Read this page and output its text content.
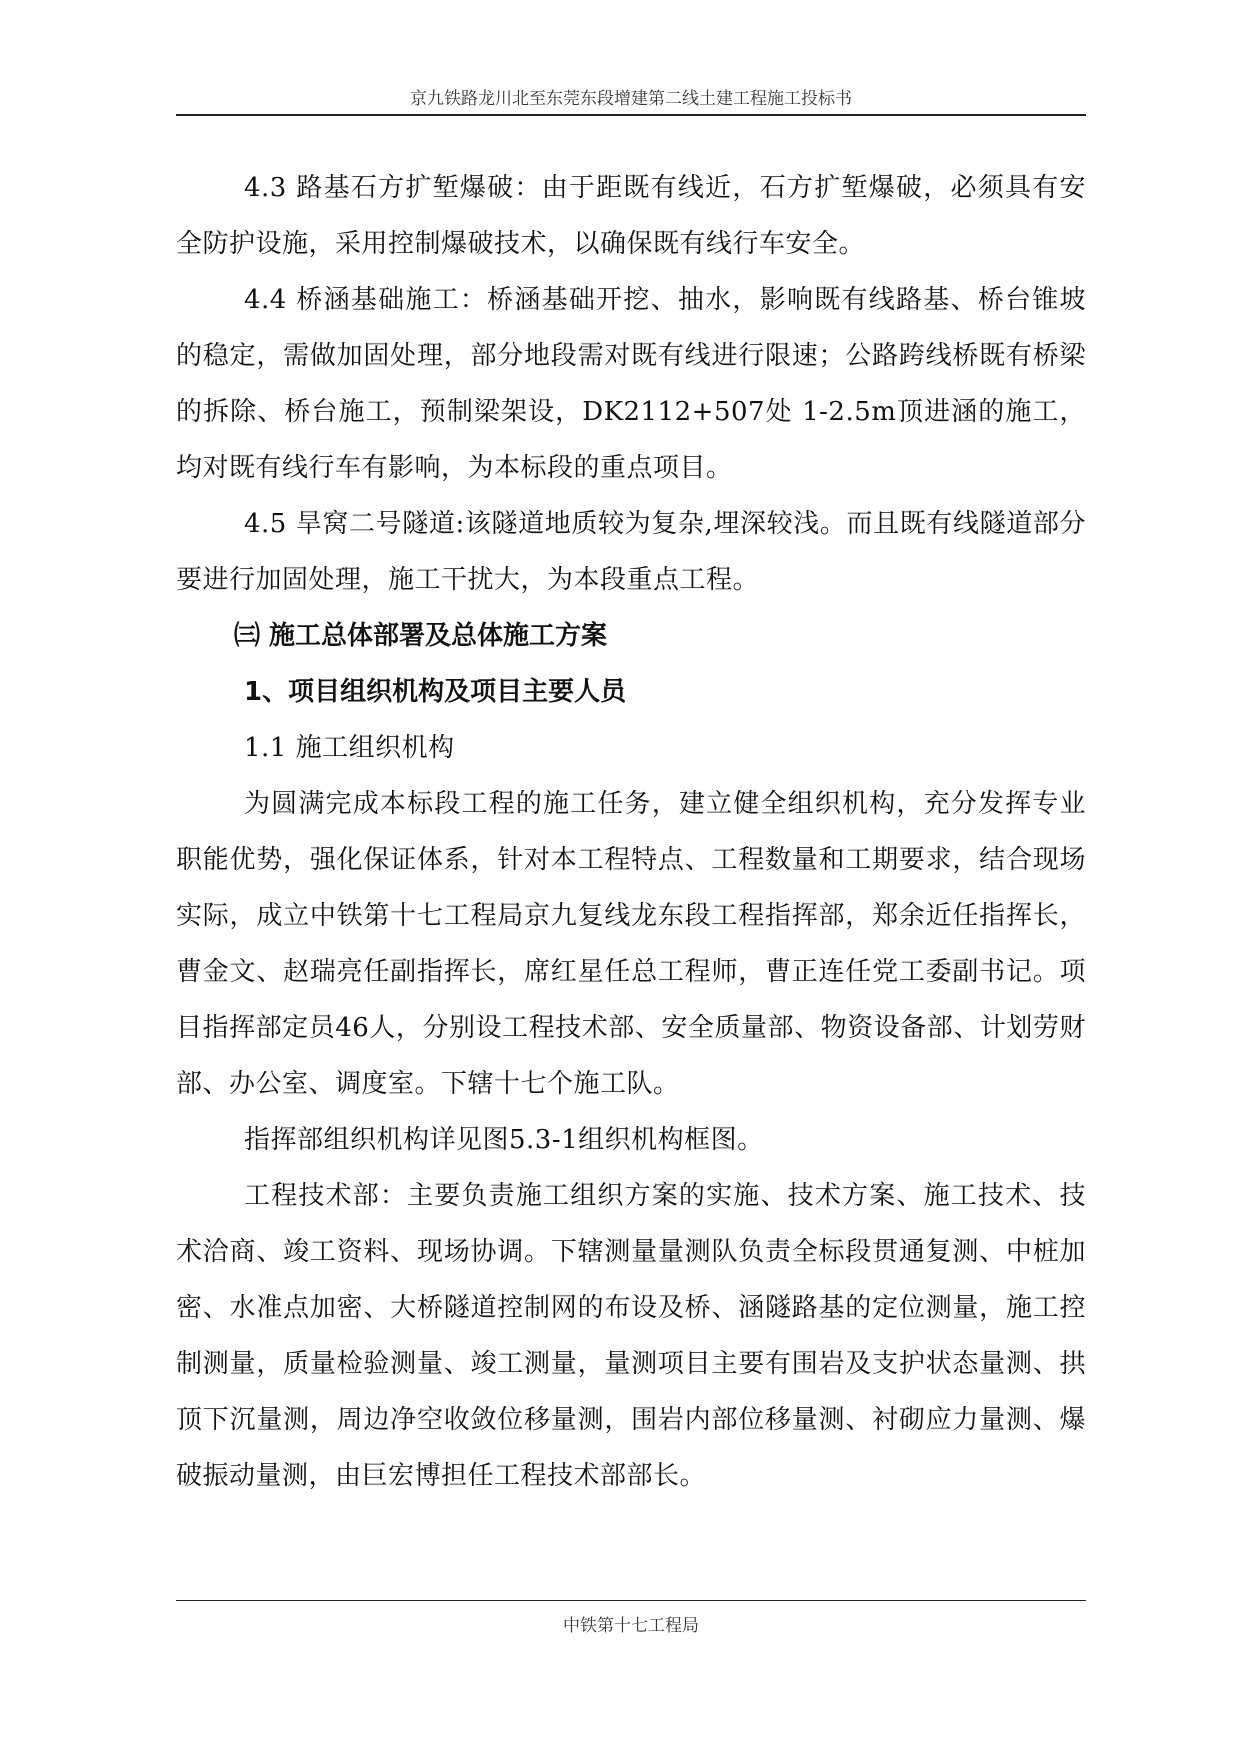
京九铁路龙川北至东莞东段增建第二线土建工程施工投标书

4.3 路基石方扩堑爆破：由于距既有线近，石方扩堑爆破，必须具有安全防护设施，采用控制爆破技术，以确保既有线行车安全。

4.4 桥涵基础施工：桥涵基础开挖、抽水，影响既有线路基、桥台锥坡的稳定，需做加固处理，部分地段需对既有线进行限速；公路跨线桥既有桥梁的拆除、桥台施工，预制梁架设，DK2112+507处 1-2.5m顶进涵的施工，均对既有线行车有影响，为本标段的重点项目。

4.5 旱窝二号隧道:该隧道地质较为复杂,埋深较浅。而且既有线隧道部分要进行加固处理，施工干扰大，为本段重点工程。

㈢ 施工总体部署及总体施工方案

1、项目组织机构及项目主要人员

1.1 施工组织机构

为圆满完成本标段工程的施工任务，建立健全组织机构，充分发挥专业职能优势，强化保证体系，针对本工程特点、工程数量和工期要求，结合现场实际，成立中铁第十七工程局京九复线龙东段工程指挥部，郑余近任指挥长，曹金文、赵瑞亮任副指挥长，席红星任总工程师，曹正连任党工委副书记。项目指挥部定员46人，分别设工程技术部、安全质量部、物资设备部、计划劳财部、办公室、调度室。下辖十七个施工队。

指挥部组织机构详见图5.3-1组织机构框图。

工程技术部：主要负责施工组织方案的实施、技术方案、施工技术、技术洽商、竣工资料、现场协调。下辖测量量测队负责全标段贯通复测、中桩加密、水准点加密、大桥隧道控制网的布设及桥、涵隧路基的定位测量，施工控制测量，质量检验测量、竣工测量，量测项目主要有围岩及支护状态量测、拱顶下沉量测，周边净空收敛位移量测，围岩内部位移量测、衬砌应力量测、爆破振动量测，由巨宏博担任工程技术部部长。

中铁第十七工程局
